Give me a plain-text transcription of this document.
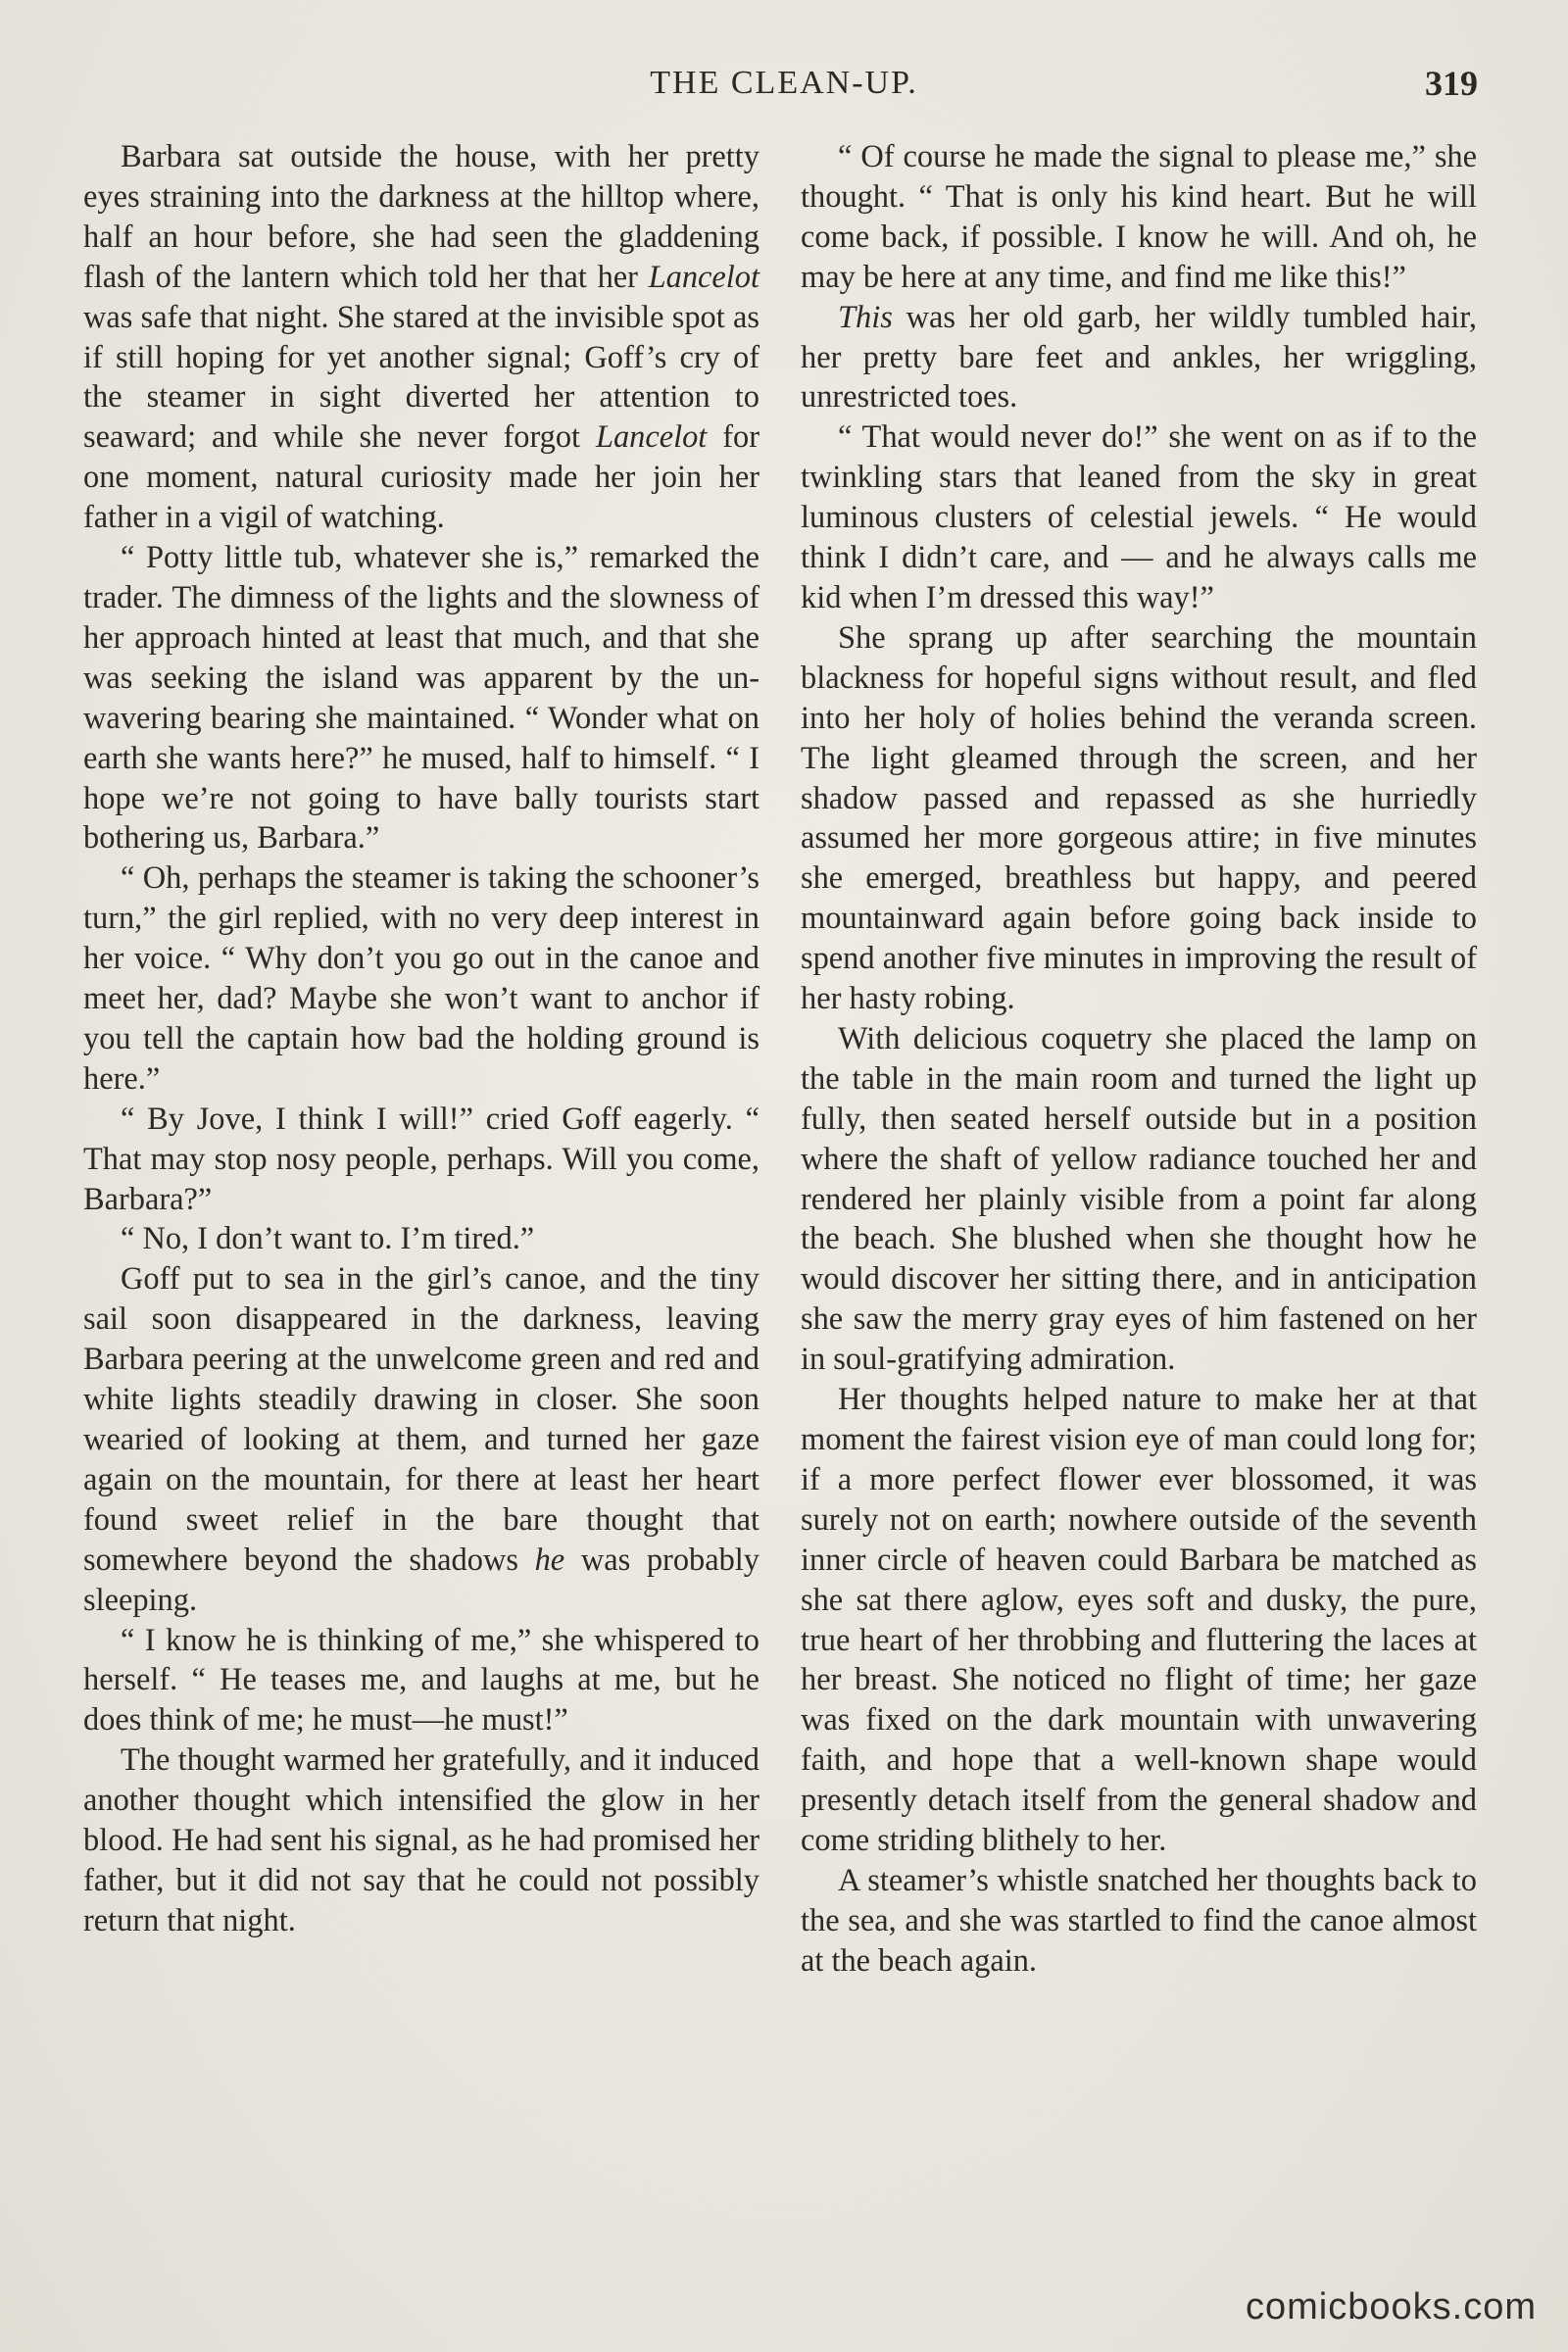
THE CLEAN-UP.	319

Barbara sat outside the house, with her pretty eyes straining into the darkness at the hilltop where, half an hour before, she had seen the gladdening flash of the lantern which told her that her Lancelot was safe that night. She stared at the invisible spot as if still hoping for yet another signal; Goff’s cry of the steamer in sight diverted her attention to seaward; and while she never forgot Lancelot for one moment, natural curiosity made her join her father in a vigil of watching.

“ Potty little tub, whatever she is,” remarked the trader. The dimness of the lights and the slowness of her approach hinted at least that much, and that she was seeking the island was apparent by the unwavering bearing she maintained. “ Wonder what on earth she wants here?” he mused, half to himself. “ I hope we’re not going to have bally tourists start bothering us, Barbara.”

“ Oh, perhaps the steamer is taking the schooner’s turn,” the girl replied, with no very deep interest in her voice. “ Why don’t you go out in the canoe and meet her, dad? Maybe she won’t want to anchor if you tell the captain how bad the holding ground is here.”

“ By Jove, I think I will!” cried Goff eagerly. “ That may stop nosy people, perhaps. Will you come, Barbara?”

“ No, I don’t want to. I’m tired.”

Goff put to sea in the girl’s canoe, and the tiny sail soon disappeared in the darkness, leaving Barbara peering at the unwelcome green and red and white lights steadily drawing in closer. She soon wearied of looking at them, and turned her gaze again on the mountain, for there at least her heart found sweet relief in the bare thought that somewhere beyond the shadows he was probably sleeping.

“ I know he is thinking of me,” she whispered to herself. “ He teases me, and laughs at me, but he does think of me; he must—he must!”

The thought warmed her gratefully, and it induced another thought which intensified the glow in her blood. He had sent his signal, as he had promised her father, but it did not say that he could not possibly return that night.

“ Of course he made the signal to please me,” she thought. “ That is only his kind heart. But he will come back, if possible. I know he will. And oh, he may be here at any time, and find me like this!”

This was her old garb, her wildly tumbled hair, her pretty bare feet and ankles, her wriggling, unrestricted toes.

“ That would never do!” she went on as if to the twinkling stars that leaned from the sky in great luminous clusters of celestial jewels. “ He would think I didn’t care, and — and he always calls me kid when I’m dressed this way!”

She sprang up after searching the mountain blackness for hopeful signs without result, and fled into her holy of holies behind the veranda screen. The light gleamed through the screen, and her shadow passed and repassed as she hurriedly assumed her more gorgeous attire; in five minutes she emerged, breathless but happy, and peered mountainward again before going back inside to spend another five minutes in improving the result of her hasty robing.

With delicious coquetry she placed the lamp on the table in the main room and turned the light up fully, then seated herself outside but in a position where the shaft of yellow radiance touched her and rendered her plainly visible from a point far along the beach. She blushed when she thought how he would discover her sitting there, and in anticipation she saw the merry gray eyes of him fastened on her in soul-gratifying admiration.

Her thoughts helped nature to make her at that moment the fairest vision eye of man could long for; if a more perfect flower ever blossomed, it was surely not on earth; nowhere outside of the seventh inner circle of heaven could Barbara be matched as she sat there aglow, eyes soft and dusky, the pure, true heart of her throbbing and fluttering the laces at her breast. She noticed no flight of time; her gaze was fixed on the dark mountain with unwavering faith, and hope that a well-known shape would presently detach itself from the general shadow and come striding blithely to her.

A steamer’s whistle snatched her thoughts back to the sea, and she was startled to find the canoe almost at the beach again.

comicbooks.com
